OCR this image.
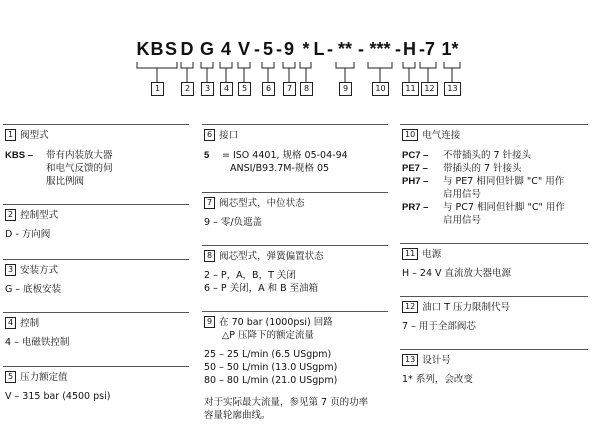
K B S D G 4 V - 5 - 9 * L - ** - *** - H -7 1*
1	2	3	4	5	6	7	8	9	10	11	12	13
1 阀型式
KBS – 带有内装放大器
和电气反馈的伺
服比例阀
2 控制型式
D - 方向阀
3 安装方式
G – 底板安装
4 控制
4 – 电磁铁控制
5 压力额定值
V – 315 bar (4500 psi)
6 接口
5 = ISO 4401, 规格 05-04-94
ANSI/B93.7M-规格 05
7 阀芯型式，中位状态
9 – 零/负遮盖
8 阀芯型式，弹簧偏置状态
2 – P，A，B，T 关闭
6 – P 关闭，A 和 B 至油箱
9 在 70 bar (1000psi) 回路
△P 压降下的额定流量
25 – 25 L/min (6.5 USgpm)
50 – 50 L/min (13.0 USgpm)
80 – 80 L/min (21.0 USgpm)
对于实际最大流量，参见第 7 页的功率
容量轮廓曲线。
10 电气连接
PC7 – 不带插头的 7 针接头
PE7 – 带插头的 7 针接头
PH7 – 与 PE7 相同但针脚 "C" 用作
启用信号
PR7 – 与 PC7 相同但针脚 "C" 用作
启用信号
11 电源
H – 24 V 直流放大器电源
12 油口 T 压力限制代号
7 – 用于全部阀芯
13 设计号
1* 系列，会改变
